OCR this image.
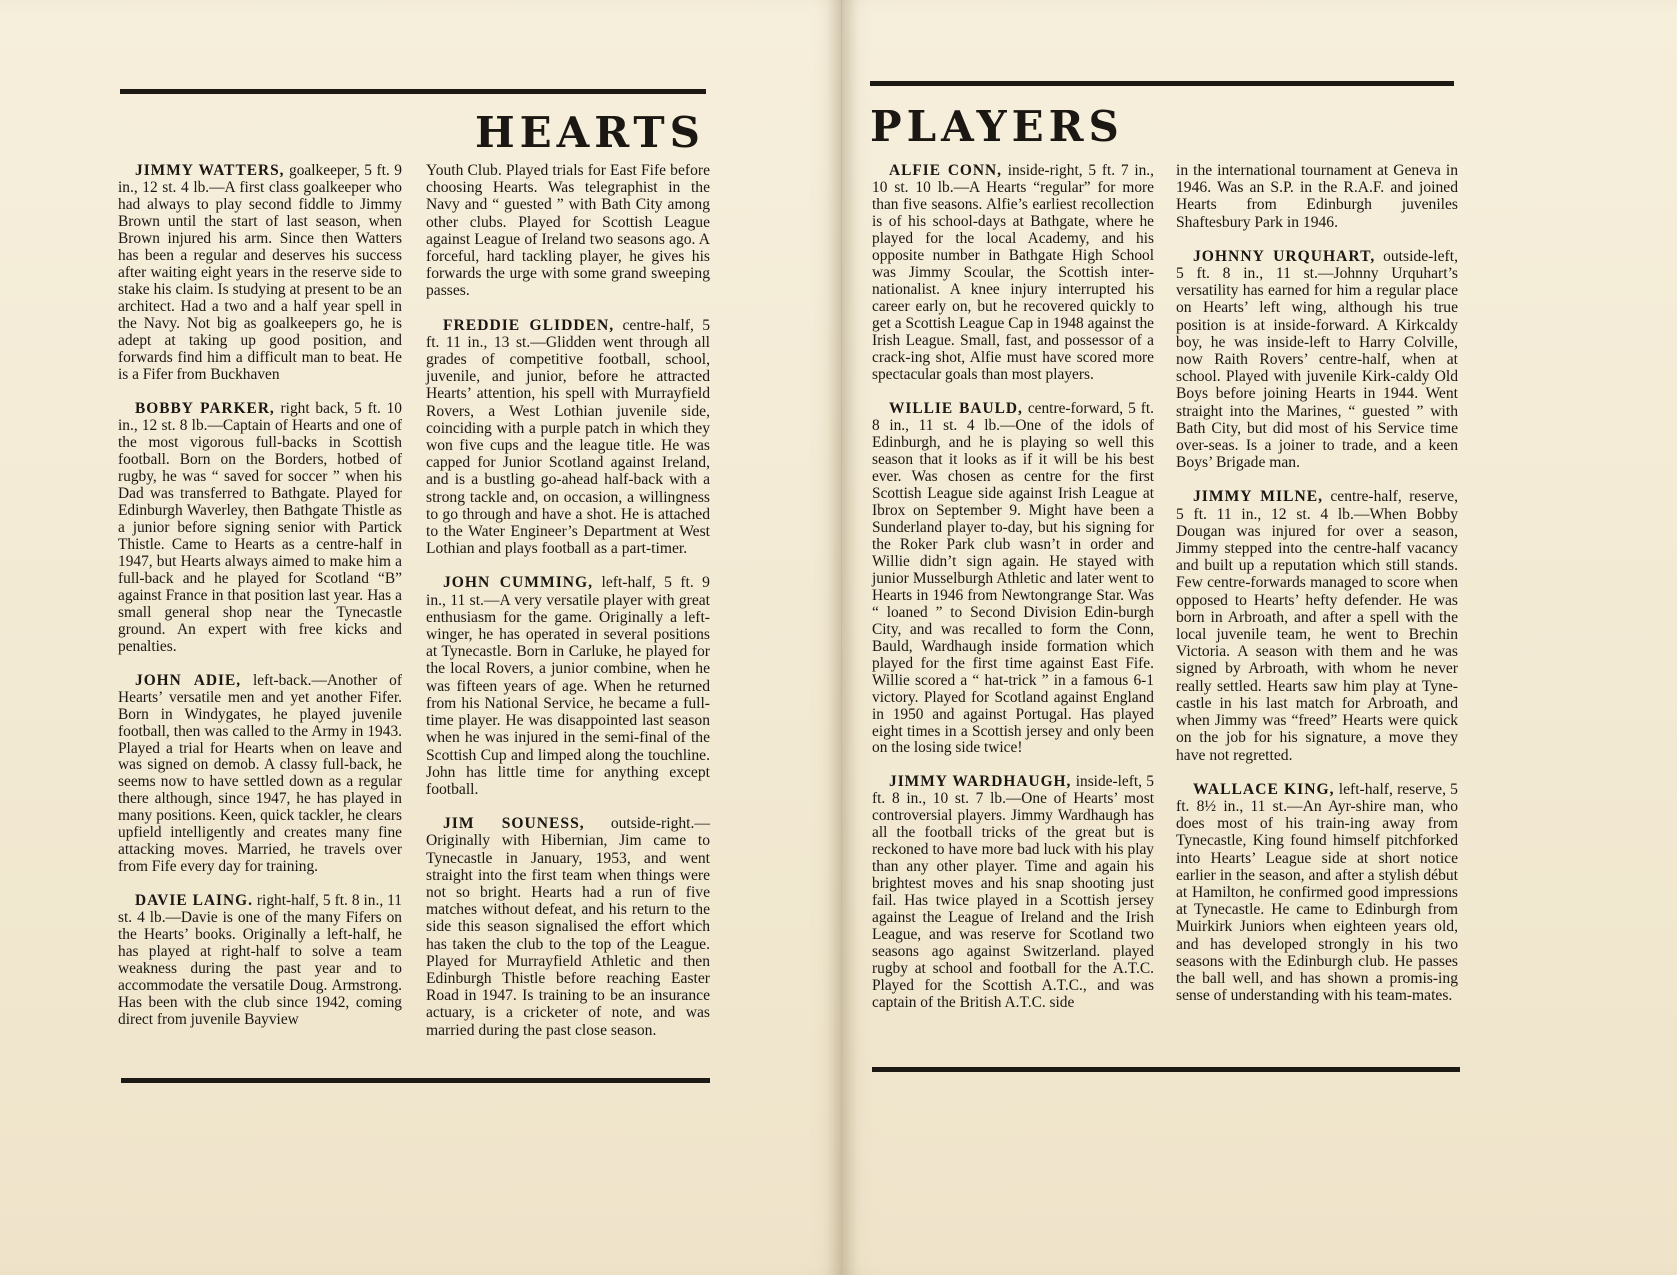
HEARTS

JIMMY WATTERS, goalkeeper, 5 ft. 9 in., 12 st. 4 lb.—A first class goalkeeper who had always to play second fiddle to Jimmy Brown until the start of last season, when Brown injured his arm. Since then Watters has been a regular and deserves his success after waiting eight years in the reserve side to stake his claim. Is studying at present to be an architect. Had a two and a half year spell in the Navy. Not big as goalkeepers go, he is adept at taking up good position, and forwards find him a difficult man to beat. He is a Fifer from Buckhaven

BOBBY PARKER, right back, 5 ft. 10 in., 12 st. 8 lb.—Captain of Hearts and one of the most vigorous full-backs in Scottish football. Born on the Borders, hotbed of rugby, he was “ saved for soccer ” when his Dad was transferred to Bathgate. Played for Edinburgh Waverley, then Bathgate Thistle as a junior before signing senior with Partick Thistle. Came to Hearts as a centre-half in 1947, but Hearts always aimed to make him a full-back and he played for Scotland “B” against France in that position last year. Has a small general shop near the Tynecastle ground. An expert with free kicks and penalties.

JOHN ADIE, left-back.—Another of Hearts’ versatile men and yet another Fifer. Born in Windygates, he played juvenile football, then was called to the Army in 1943. Played a trial for Hearts when on leave and was signed on demob. A classy full-back, he seems now to have settled down as a regular there although, since 1947, he has played in many positions. Keen, quick tackler, he clears upfield intelligently and creates many fine attacking moves. Married, he travels over from Fife every day for training.

DAVIE LAING. right-half, 5 ft. 8 in., 11 st. 4 lb.—Davie is one of the many Fifers on the Hearts’ books. Originally a left-half, he has played at right-half to solve a team weakness during the past year and to accommodate the versatile Doug. Armstrong. Has been with the club since 1942, coming direct from juvenile Bayview

Youth Club. Played trials for East Fife before choosing Hearts. Was telegraphist in the Navy and “ guested ” with Bath City among other clubs. Played for Scottish League against League of Ireland two seasons ago. A forceful, hard tackling player, he gives his forwards the urge with some grand sweeping passes.

FREDDIE GLIDDEN, centre-half, 5 ft. 11 in., 13 st.—Glidden went through all grades of competitive football, school, juvenile, and junior, before he attracted Hearts’ attention, his spell with Murrayfield Rovers, a West Lothian juvenile side, coinciding with a purple patch in which they won five cups and the league title. He was capped for Junior Scotland against Ireland, and is a bustling go-ahead half-back with a strong tackle and, on occasion, a willingness to go through and have a shot. He is attached to the Water Engineer’s Department at West Lothian and plays football as a part-timer.

JOHN CUMMING, left-half, 5 ft. 9 in., 11 st.—A very versatile player with great enthusiasm for the game. Originally a left-winger, he has operated in several positions at Tynecastle. Born in Carluke, he played for the local Rovers, a junior combine, when he was fifteen years of age. When he returned from his National Service, he became a full-time player. He was disappointed last season when he was injured in the semi-final of the Scottish Cup and limped along the touchline. John has little time for anything except football.

JIM SOUNESS, outside-right.—Originally with Hibernian, Jim came to Tynecastle in January, 1953, and went straight into the first team when things were not so bright. Hearts had a run of five matches without defeat, and his return to the side this season signalised the effort which has taken the club to the top of the League. Played for Murrayfield Athletic and then Edinburgh Thistle before reaching Easter Road in 1947. Is training to be an insurance actuary, is a cricketer of note, and was married during the past close season.

PLAYERS

ALFIE CONN, inside-right, 5 ft. 7 in., 10 st. 10 lb.—A Hearts “regular” for more than five seasons. Alfie’s earliest recollection is of his school-days at Bathgate, where he played for the local Academy, and his opposite number in Bathgate High School was Jimmy Scoular, the Scottish inter-nationalist. A knee injury interrupted his career early on, but he recovered quickly to get a Scottish League Cap in 1948 against the Irish League. Small, fast, and possessor of a crack-ing shot, Alfie must have scored more spectacular goals than most players.

WILLIE BAULD, centre-forward, 5 ft. 8 in., 11 st. 4 lb.—One of the idols of Edinburgh, and he is playing so well this season that it looks as if it will be his best ever. Was chosen as centre for the first Scottish League side against Irish League at Ibrox on September 9. Might have been a Sunderland player to-day, but his signing for the Roker Park club wasn’t in order and Willie didn’t sign again. He stayed with junior Musselburgh Athletic and later went to Hearts in 1946 from Newtongrange Star. Was “ loaned ” to Second Division Edin-burgh City, and was recalled to form the Conn, Bauld, Wardhaugh inside formation which played for the first time against East Fife. Willie scored a “ hat-trick ” in a famous 6-1 victory. Played for Scotland against England in 1950 and against Portugal. Has played eight times in a Scottish jersey and only been on the losing side twice!

JIMMY WARDHAUGH, inside-left, 5 ft. 8 in., 10 st. 7 lb.—One of Hearts’ most controversial players. Jimmy Wardhaugh has all the football tricks of the great but is reckoned to have more bad luck with his play than any other player. Time and again his brightest moves and his snap shooting just fail. Has twice played in a Scottish jersey against the League of Ireland and the Irish League, and was reserve for Scotland two seasons ago against Switzerland. played rugby at school and football for the A.T.C. Played for the Scottish A.T.C., and was captain of the British A.T.C. side

in the international tournament at Geneva in 1946. Was an S.P. in the R.A.F. and joined Hearts from Edinburgh juveniles Shaftesbury Park in 1946.

JOHNNY URQUHART, outside-left, 5 ft. 8 in., 11 st.—Johnny Urquhart’s versatility has earned for him a regular place on Hearts’ left wing, although his true position is at inside-forward. A Kirkcaldy boy, he was inside-left to Harry Colville, now Raith Rovers’ centre-half, when at school. Played with juvenile Kirk-caldy Old Boys before joining Hearts in 1944. Went straight into the Marines, “ guested ” with Bath City, but did most of his Service time over-seas. Is a joiner to trade, and a keen Boys’ Brigade man.

JIMMY MILNE, centre-half, reserve, 5 ft. 11 in., 12 st. 4 lb.—When Bobby Dougan was injured for over a season, Jimmy stepped into the centre-half vacancy and built up a reputation which still stands. Few centre-forwards managed to score when opposed to Hearts’ hefty defender. He was born in Arbroath, and after a spell with the local juvenile team, he went to Brechin Victoria. A season with them and he was signed by Arbroath, with whom he never really settled. Hearts saw him play at Tyne-castle in his last match for Arbroath, and when Jimmy was “freed” Hearts were quick on the job for his signature, a move they have not regretted.

WALLACE KING, left-half, reserve, 5 ft. 8½ in., 11 st.—An Ayr-shire man, who does most of his train-ing away from Tynecastle, King found himself pitchforked into Hearts’ League side at short notice earlier in the season, and after a stylish début at Hamilton, he confirmed good impressions at Tynecastle. He came to Edinburgh from Muirkirk Juniors when eighteen years old, and has developed strongly in his two seasons with the Edinburgh club. He passes the ball well, and has shown a promis-ing sense of understanding with his team-mates.
